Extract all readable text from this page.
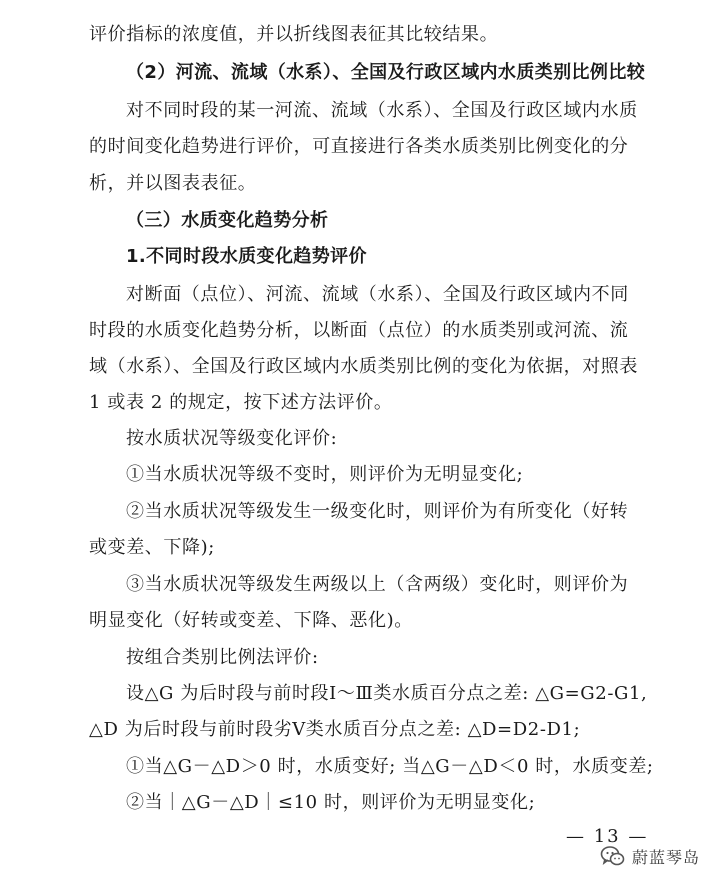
评价指标的浓度值，并以折线图表征其比较结果。
（2）河流、流域（水系）、全国及行政区域内水质类别比例比较
对不同时段的某一河流、流域（水系）、全国及行政区域内水质
的时间变化趋势进行评价，可直接进行各类水质类别比例变化的分
析，并以图表表征。
（三）水质变化趋势分析
1.不同时段水质变化趋势评价
对断面（点位）、河流、流域（水系）、全国及行政区域内不同
时段的水质变化趋势分析，以断面（点位）的水质类别或河流、流
域（水系）、全国及行政区域内水质类别比例的变化为依据，对照表
1 或表 2 的规定，按下述方法评价。
按水质状况等级变化评价:
①当水质状况等级不变时，则评价为无明显变化;
②当水质状况等级发生一级变化时，则评价为有所变化（好转
或变差、下降);
③当水质状况等级发生两级以上（含两级）变化时，则评价为
明显变化（好转或变差、下降、恶化)。
按组合类别比例法评价:
设△G 为后时段与前时段Ⅰ～Ⅲ类水质百分点之差: △G=G2-G1,
△D 为后时段与前时段劣Ⅴ类水质百分点之差: △D=D2-D1;
①当△G－△D＞0 时，水质变好; 当△G－△D＜0 时，水质变差;
②当｜△G－△D｜≤10 时，则评价为无明显变化;
— 13 —
蔚蓝琴岛
